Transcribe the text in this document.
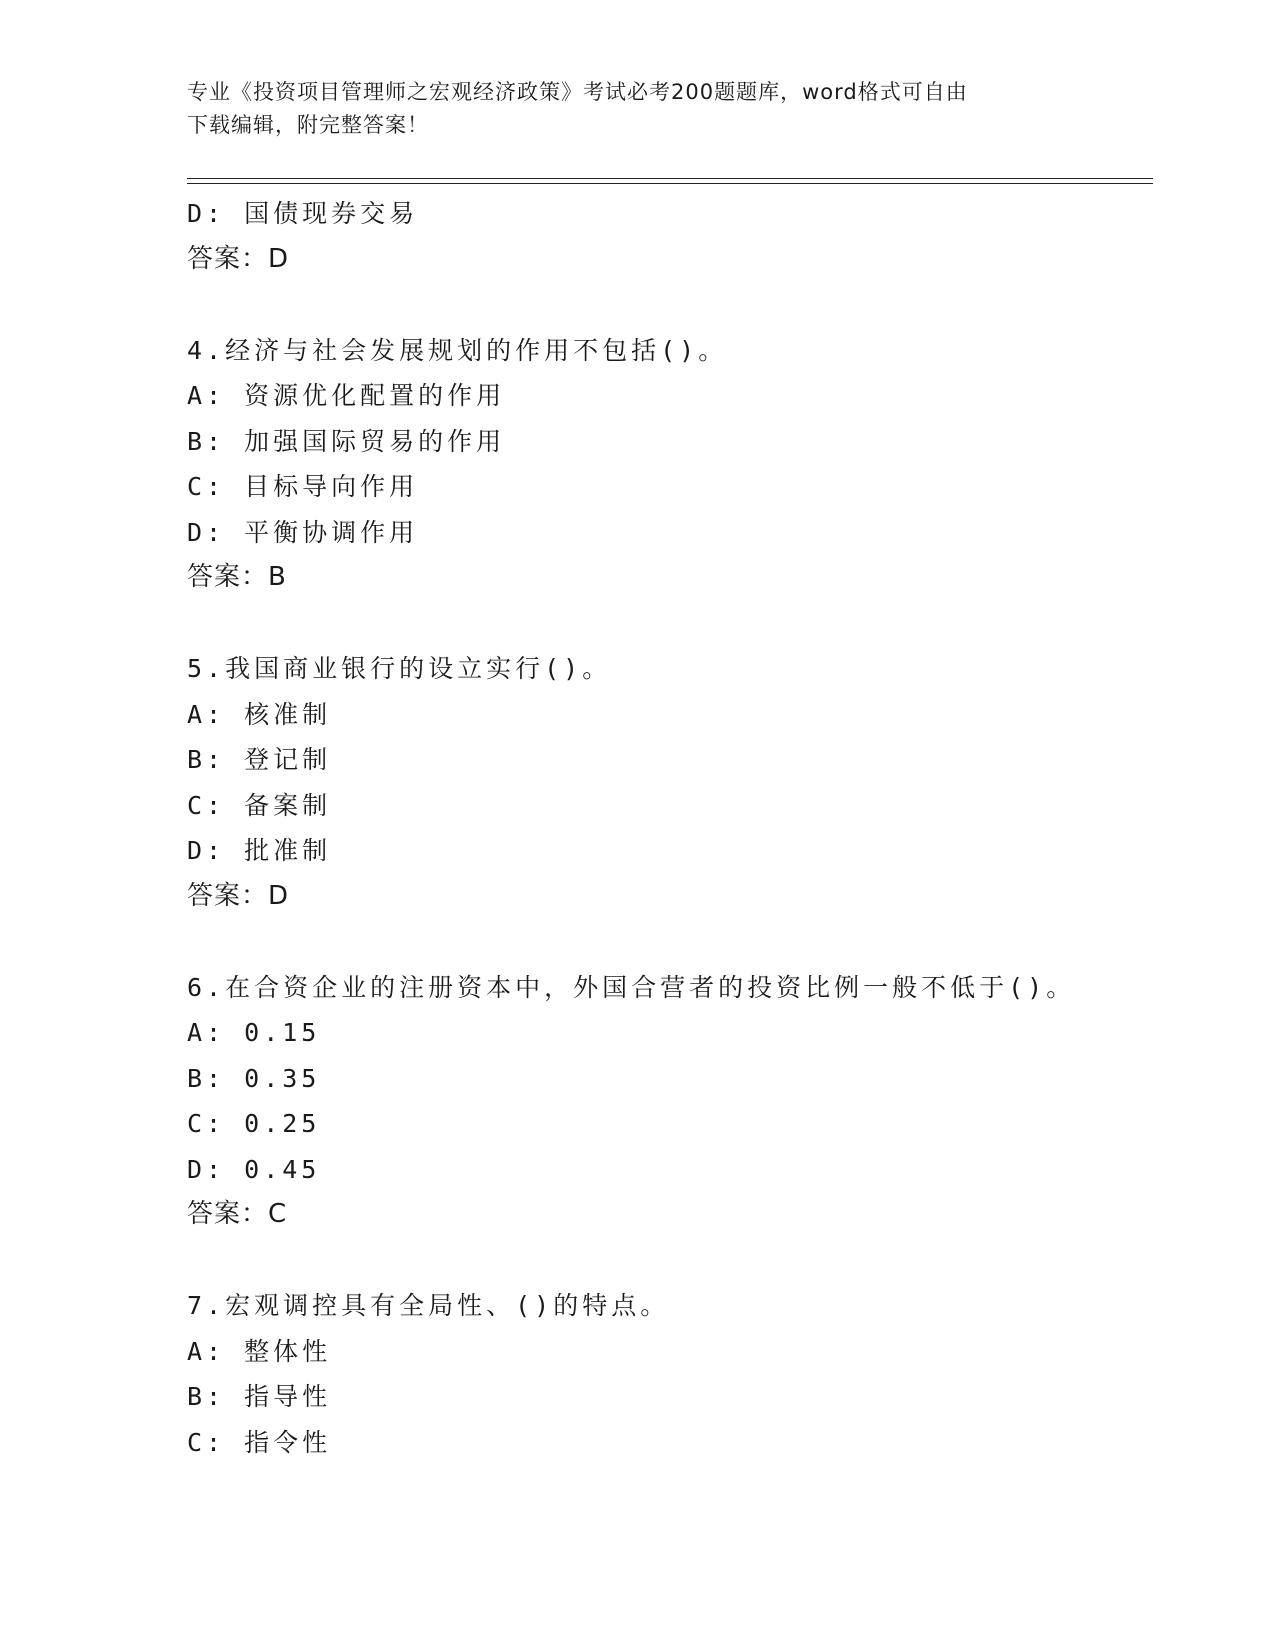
专业《投资项目管理师之宏观经济政策》考试必考200题题库，word格式可自由
下载编辑，附完整答案！
D: 国债现券交易
答案：D
4.经济与社会发展规划的作用不包括()。
A: 资源优化配置的作用
B: 加强国际贸易的作用
C: 目标导向作用
D: 平衡协调作用
答案：B
5.我国商业银行的设立实行()。
A: 核准制
B: 登记制
C: 备案制
D: 批准制
答案：D
6.在合资企业的注册资本中，外国合营者的投资比例一般不低于()。
A: 0.15
B: 0.35
C: 0.25
D: 0.45
答案：C
7.宏观调控具有全局性、()的特点。
A: 整体性
B: 指导性
C: 指令性
